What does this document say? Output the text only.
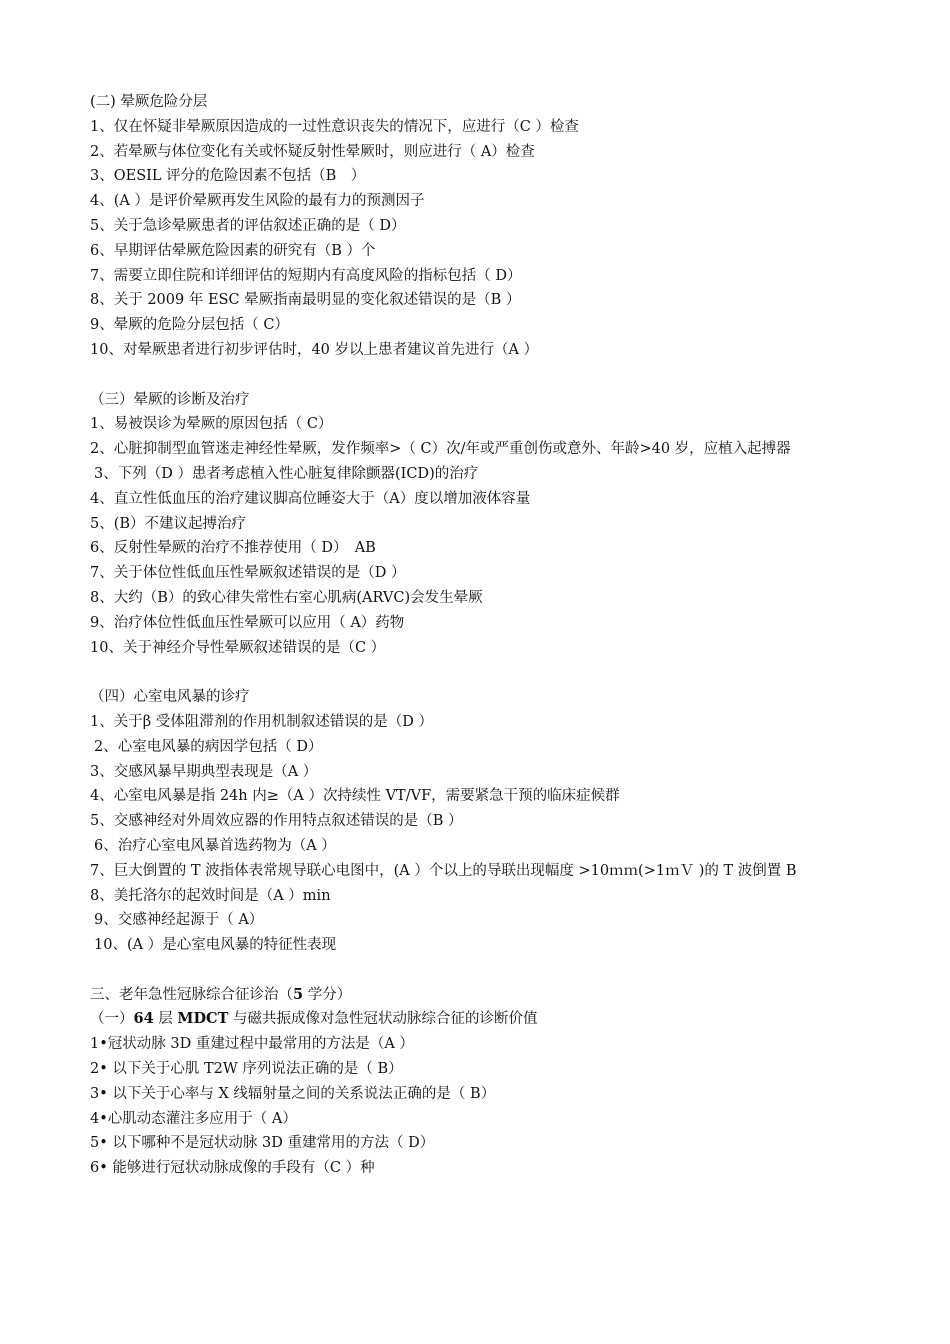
(二) 晕厥危险分层
1、仅在怀疑非晕厥原因造成的一过性意识丧失的情况下，应进行（C ）检查
2、若晕厥与体位变化有关或怀疑反射性晕厥时，则应进行（ A）检查
3、OESIL 评分的危险因素不包括（B　）
4、(A ）是评价晕厥再发生风险的最有力的预测因子
5、关于急诊晕厥患者的评估叙述正确的是（ D）
6、早期评估晕厥危险因素的研究有（B ）个
7、需要立即住院和详细评估的短期内有高度风险的指标包括（ D）
8、关于 2009 年 ESC 晕厥指南最明显的变化叙述错误的是（B ）
9、晕厥的危险分层包括（ C）
10、对晕厥患者进行初步评估时，40 岁以上患者建议首先进行（A ）
（三）晕厥的诊断及治疗
1、易被误诊为晕厥的原因包括（ C）
2、心脏抑制型血管迷走神经性晕厥，发作频率>（ C）次/年或严重创伤或意外、年龄>40 岁，应植入起搏器
3、下列（D ）患者考虑植入性心脏复律除颤器(ICD)的治疗
4、直立性低血压的治疗建议脚高位睡姿大于（A）度以增加液体容量
5、(B）不建议起搏治疗
6、反射性晕厥的治疗不推荐使用（ D）　AB
7、关于体位性低血压性晕厥叙述错误的是（D ）
8、大约（B）的致心律失常性右室心肌病(ARVC)会发生晕厥
9、治疗体位性低血压性晕厥可以应用（ A）药物
10、关于神经介导性晕厥叙述错误的是（C ）
（四）心室电风暴的诊疗
1、关于β 受体阻滞剂的作用机制叙述错误的是（D ）
2、心室电风暴的病因学包括（ D）
3、交感风暴早期典型表现是（A ）
4、心室电风暴是指 24h 内≥（A ）次持续性 VT/VF，需要紧急干预的临床症候群
5、交感神经对外周效应器的作用特点叙述错误的是（B ）
6、治疗心室电风暴首选药物为（A ）
7、巨大倒置的 T 波指体表常规导联心电图中，(A ）个以上的导联出现幅度 >10ｍｍ(>1ｍＶ )的 T 波倒置 B
8、美托洛尔的起效时间是（A ）min
9、交感神经起源于（ A）
10、(A ）是心室电风暴的特征性表现
三、老年急性冠脉综合征诊治（5 学分）
（一）64 层 MDCT 与磁共振成像对急性冠状动脉综合征的诊断价值
1•冠状动脉 3D 重建过程中最常用的方法是（A ）
2• 以下关于心肌 T2W 序列说法正确的是（ B）
3• 以下关于心率与 X 线辐射量之间的关系说法正确的是（ B）
4•心肌动态灌注多应用于（ A）
5• 以下哪种不是冠状动脉 3D 重建常用的方法（ D）
6• 能够进行冠状动脉成像的手段有（C ）种
